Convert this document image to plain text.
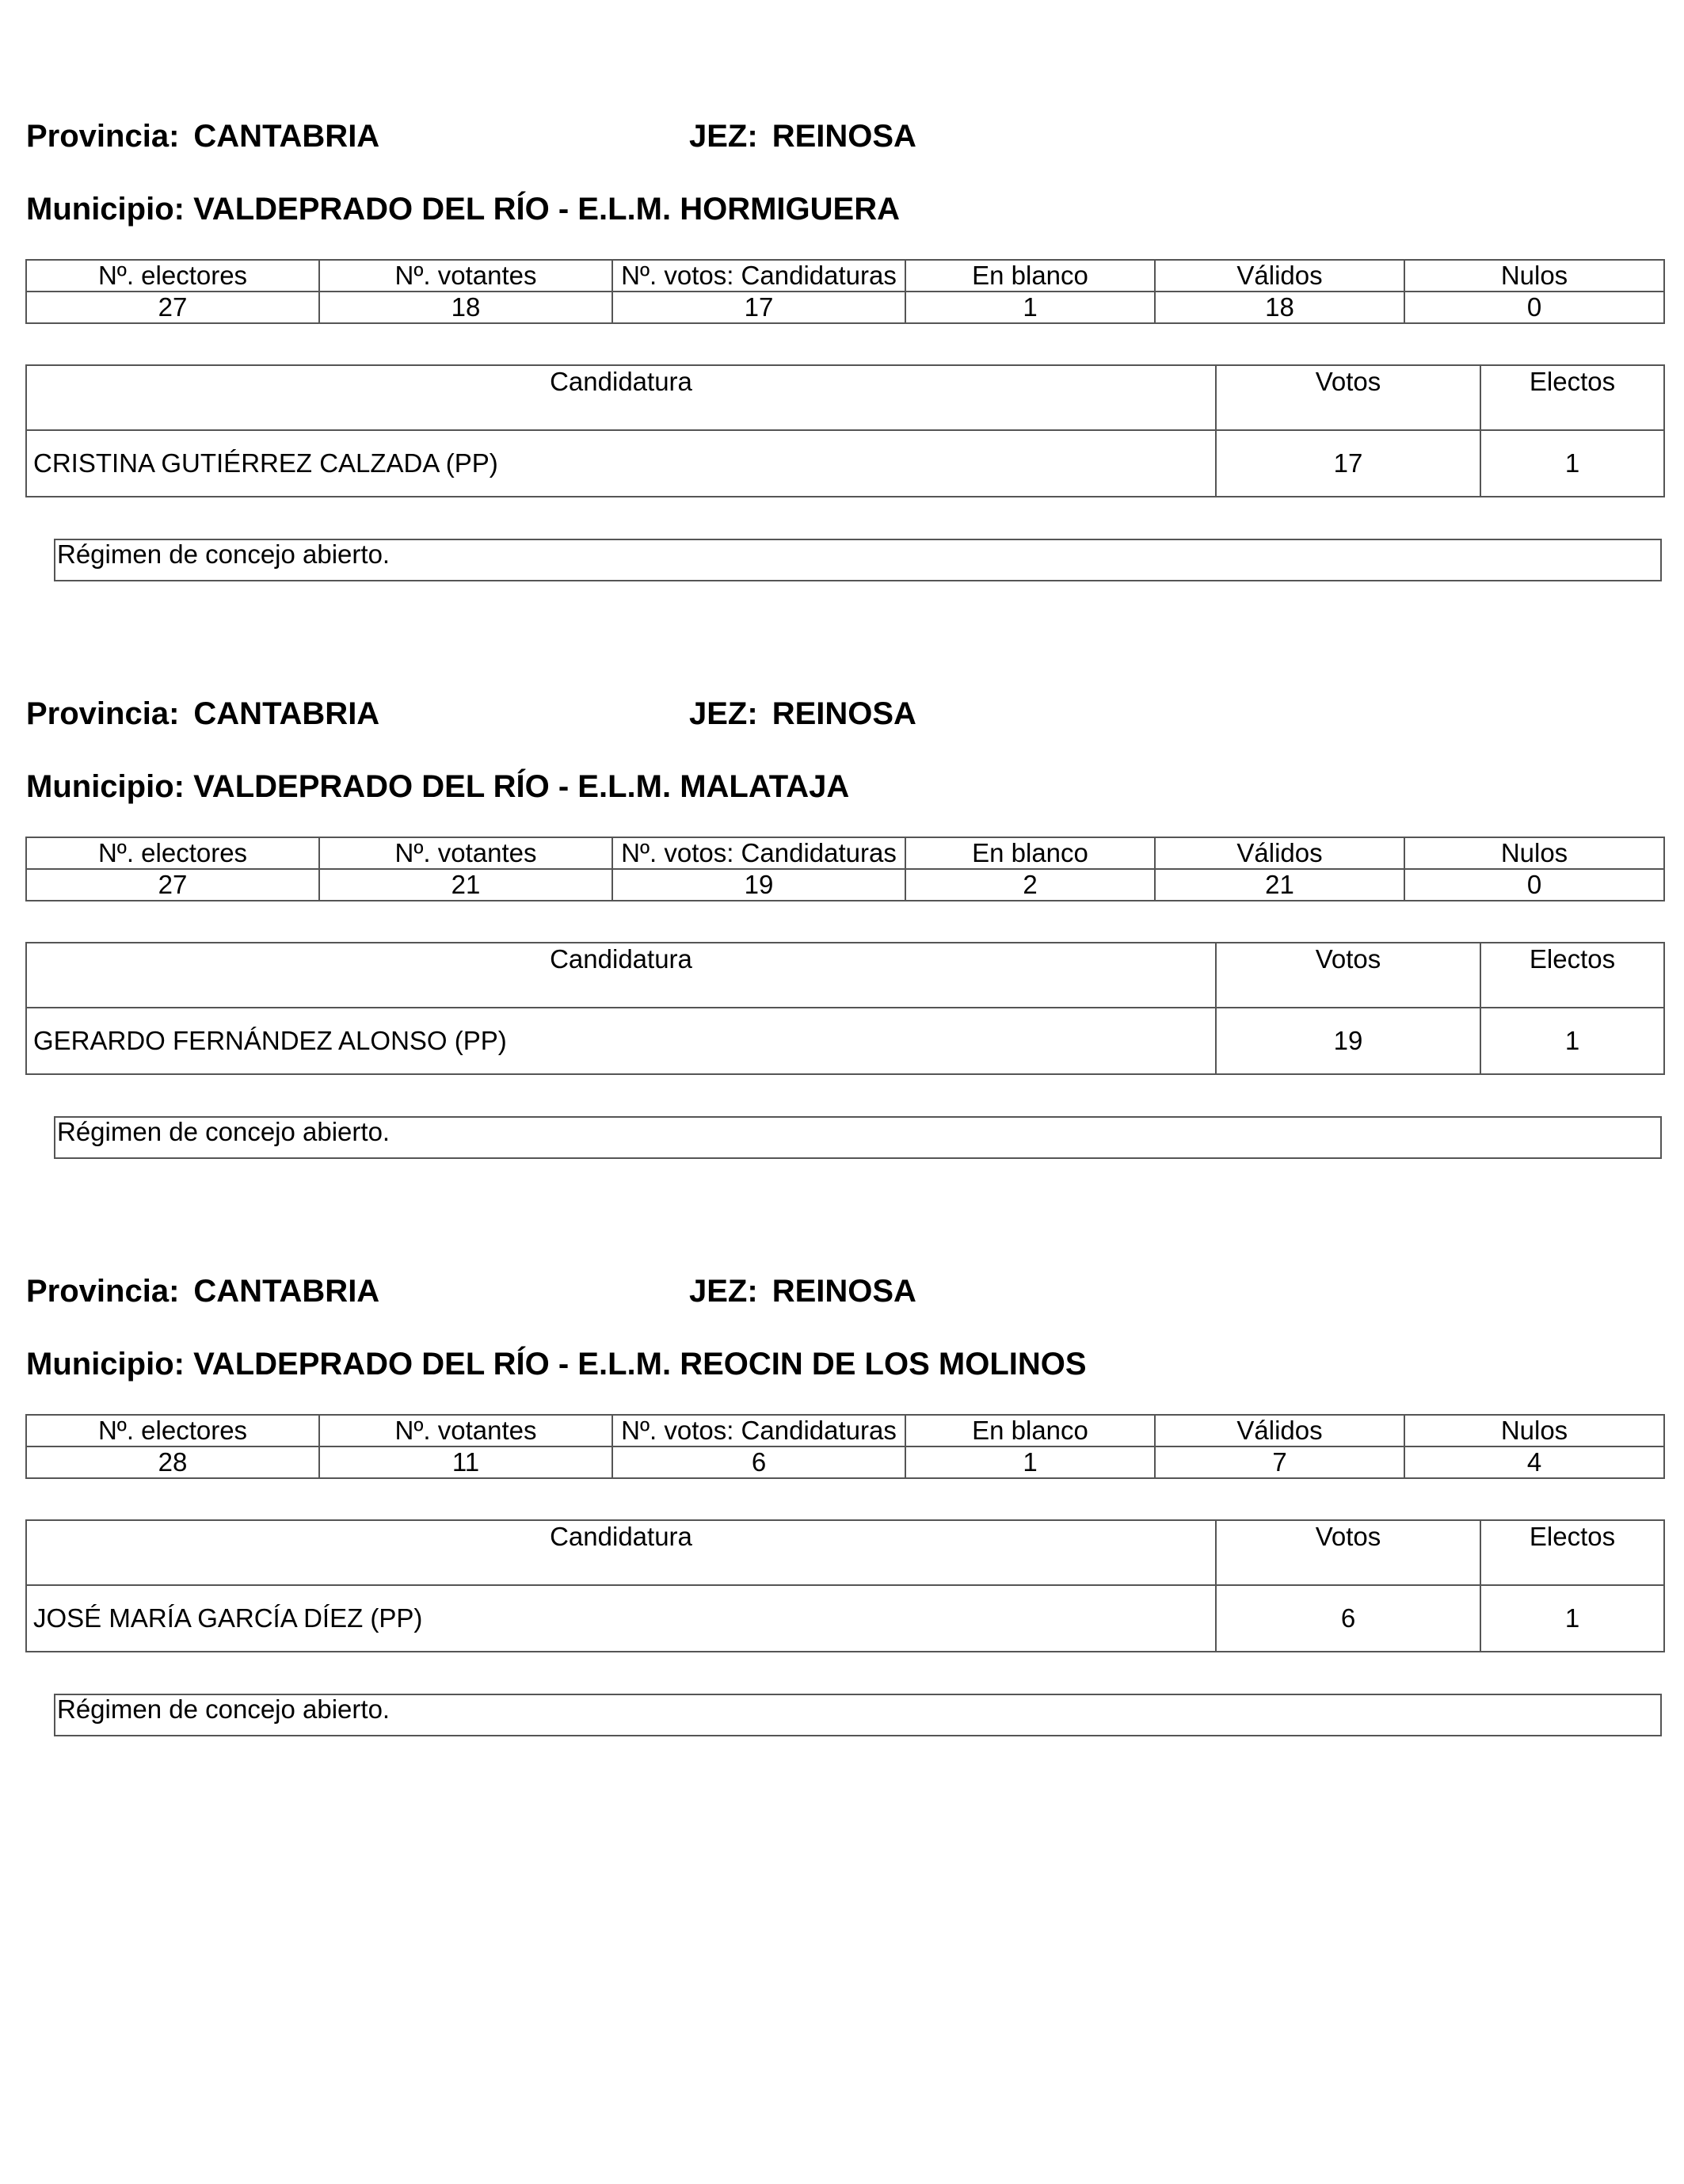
Provincia: CANTABRIA	JEZ: REINOSA
Municipio: VALDEPRADO DEL RÍO - E.L.M. HORMIGUERA
Nº. electores	Nº. votantes	Nº. votos: Candidaturas	En blanco	Válidos	Nulos
27	18	17	1	18	0
Candidatura	Votos	Electos
CRISTINA GUTIÉRREZ CALZADA (PP)	17	1
Régimen de concejo abierto.
Provincia: CANTABRIA	JEZ: REINOSA
Municipio: VALDEPRADO DEL RÍO - E.L.M. MALATAJA
Nº. electores	Nº. votantes	Nº. votos: Candidaturas	En blanco	Válidos	Nulos
27	21	19	2	21	0
Candidatura	Votos	Electos
GERARDO FERNÁNDEZ ALONSO (PP)	19	1
Régimen de concejo abierto.
Provincia: CANTABRIA	JEZ: REINOSA
Municipio: VALDEPRADO DEL RÍO - E.L.M. REOCIN DE LOS MOLINOS
Nº. electores	Nº. votantes	Nº. votos: Candidaturas	En blanco	Válidos	Nulos
28	11	6	1	7	4
Candidatura	Votos	Electos
JOSÉ MARÍA GARCÍA DÍEZ (PP)	6	1
Régimen de concejo abierto.
